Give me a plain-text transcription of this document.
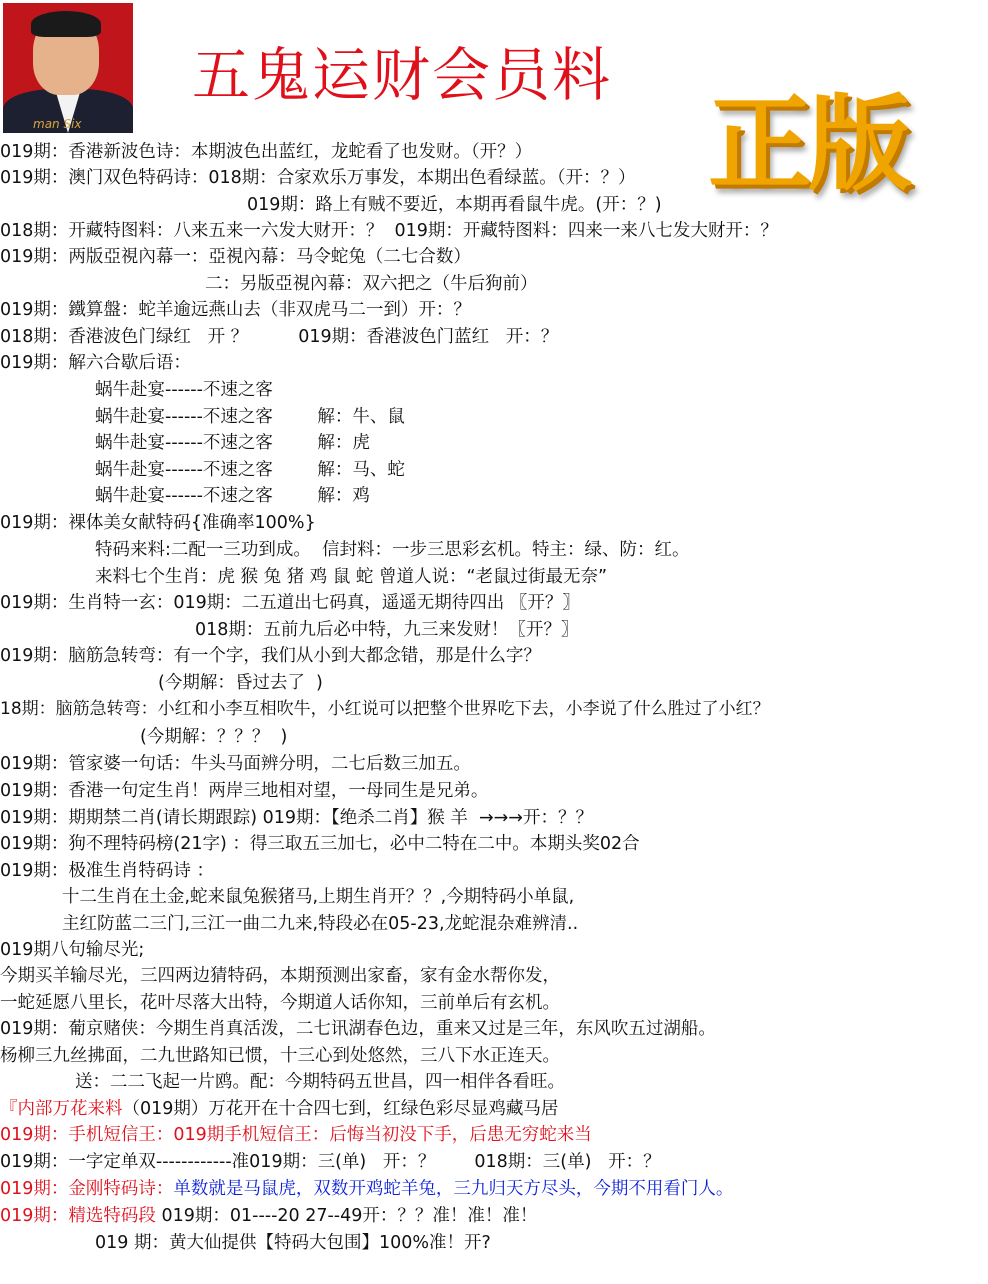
man Six
五鬼运财会员料
正版
019期：香港新波色诗：本期波色出蓝红，龙蛇看了也发财。（开？）
019期：澳门双色特码诗：018期：合家欢乐万事发，本期出色看绿蓝。（开：？）
019期：路上有贼不要近，本期再看鼠牛虎。(开：？)
018期：开藏特图料：八来五来一六发大财开：？  019期：开藏特图料：四来一来八七发大财开：？
019期：两版亞視內幕一：亞視內幕：马令蛇兔（二七合数）
二：另版亞視內幕：双六把之（牛后狗前）
019期：鐵算盤：蛇羊逾远燕山去（非双虎马二一到）开：？
018期：香港波色门绿红   开 ？         019期：香港波色门蓝红   开：？
019期：解六合歇后语：
蜗牛赴宴------不速之客
蜗牛赴宴------不速之客        解：牛、鼠
蜗牛赴宴------不速之客        解：虎
蜗牛赴宴------不速之客        解：马、蛇
蜗牛赴宴------不速之客        解：鸡
019期：裸体美女献特码{准确率100%}
特码来料:二配一三功到成。  信封料：一步三思彩玄机。特主：绿、防：红。
来料七个生肖：虎 猴 兔 猪 鸡 鼠 蛇 曾道人说：“老鼠过街最无奈”
019期：生肖特一玄：019期：二五道出七码真，遥遥无期待四出 〖开？〗
018期：五前九后必中特，九三来发财！〖开？〗
019期：脑筋急转弯：有一个字，我们从小到大都念错，那是什么字？
(今期解：昏过去了  )
18期：脑筋急转弯：小红和小李互相吹牛，小红说可以把整个世界吃下去，小李说了什么胜过了小红？
(今期解：？？？  )
019期：管家婆一句话：牛头马面辨分明，二七后数三加五。
019期：香港一句定生肖！两岸三地相对望，一母同生是兄弟。
019期：期期禁二肖(请长期跟踪) 019期：【绝杀二肖】猴 羊  →→→开：？？
019期：狗不理特码榜(21字) ：得三取五三加七，必中二特在二中。本期头奖02合
019期：极准生肖特码诗 ：
十二生肖在土金,蛇来鼠兔猴猪马,上期生肖开？？,今期特码小单鼠,
主红防蓝二三门,三江一曲二九来,特段必在05-23,龙蛇混杂难辨清..
019期八句输尽光;
今期买羊输尽光，三四两边猜特码，本期预测出家畜，家有金水帮你发，
一蛇延愿八里长，花叶尽落大出特，今期道人话你知，三前单后有玄机。
019期：葡京赌侠：今期生肖真活泼，二七讯湖春色边，重来又过是三年，东风吹五过湖船。
杨柳三九丝拂面，二九世路知已惯，十三心到处悠然，三八下水正连天。
送：二二飞起一片鸥。配：今期特码五世昌，四一相伴各看旺。
『内部万花来料（019期）万花开在十合四七到，红绿色彩尽显鸡藏马居
019期：手机短信王：019期手机短信王：后悔当初没下手，后患无穷蛇来当
019期：一字定单双------------准019期：三(单)   开：？       018期：三(单)   开：？
019期：金刚特码诗：单数就是马鼠虎，双数开鸡蛇羊兔，三九归天方尽头，今期不用看门人。
019期：精选特码段 019期：01----20 27--49开：？？准！准！准！
019 期：黄大仙提供【特码大包围】100%准！开?
